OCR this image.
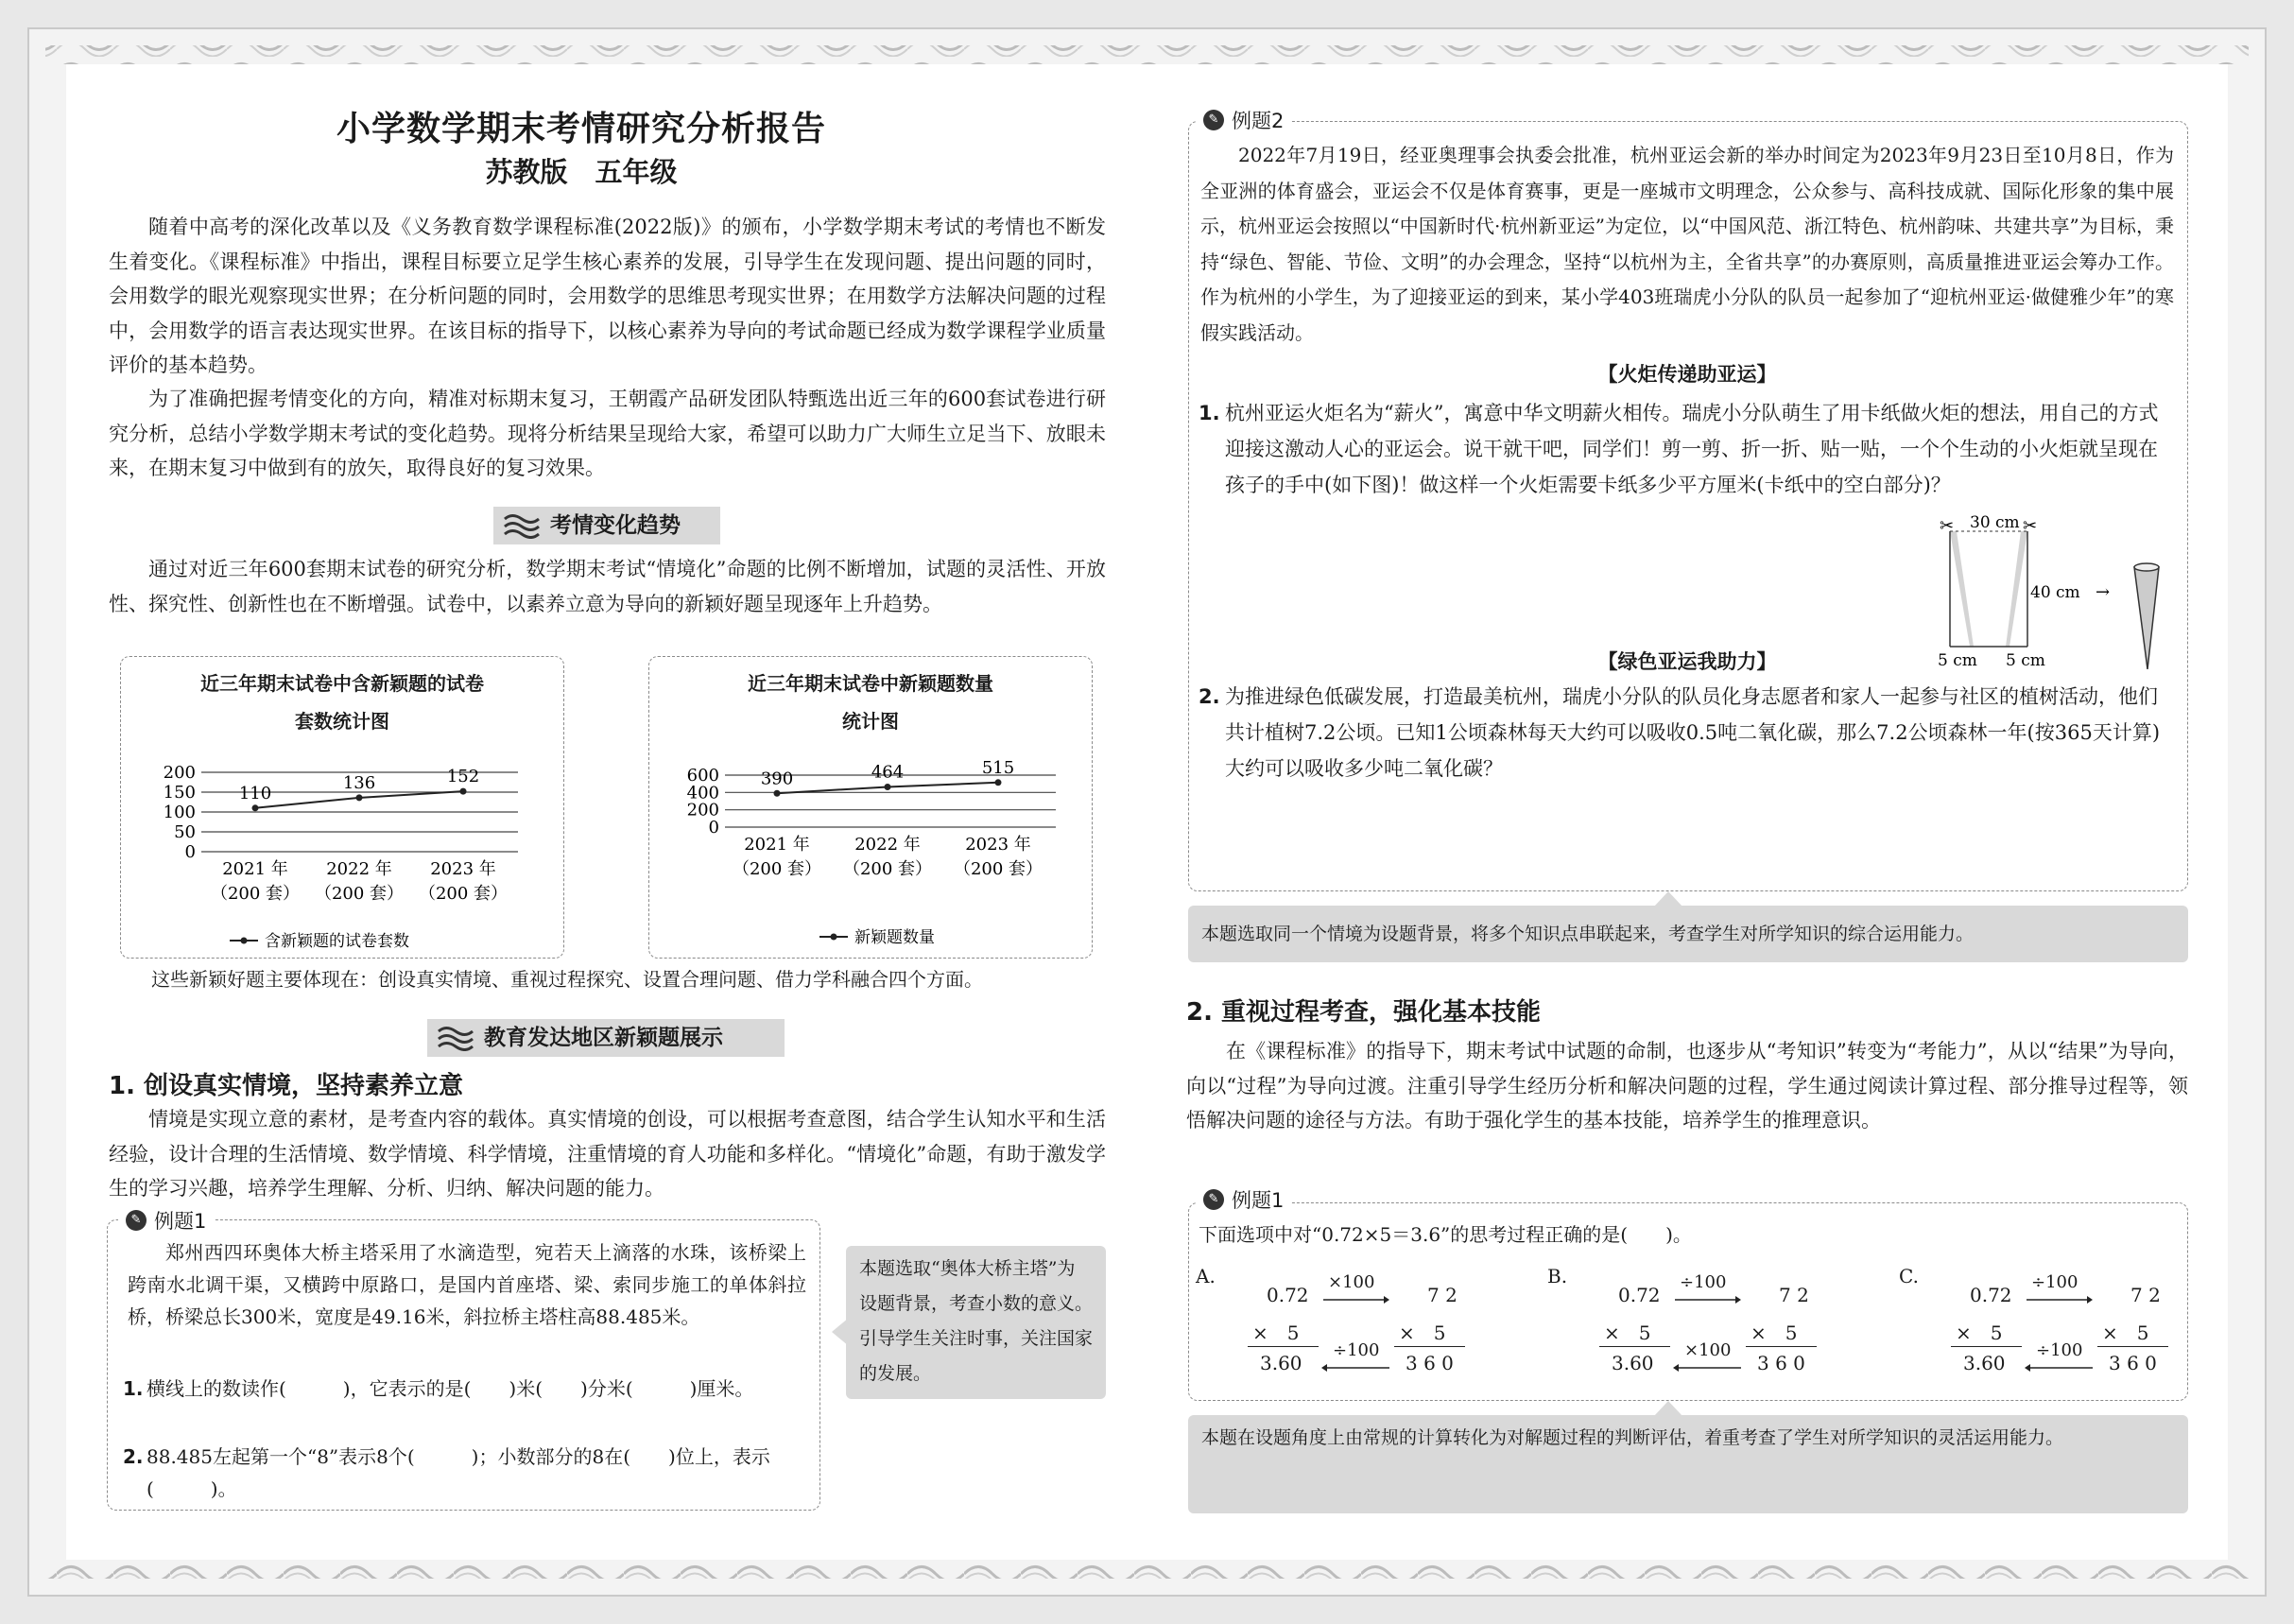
小学数学期末考情研究分析报告
苏教版　五年级
随着中高考的深化改革以及《义务教育数学课程标准(2022版)》的颁布，小学数学期末考试的考情也不断发生着变化。《课程标准》中指出，课程目标要立足学生核心素养的发展，引导学生在发现问题、提出问题的同时，会用数学的眼光观察现实世界；在分析问题的同时，会用数学的思维思考现实世界；在用数学方法解决问题的过程中，会用数学的语言表达现实世界。在该目标的指导下，以核心素养为导向的考试命题已经成为数学课程学业质量评价的基本趋势。
为了准确把握考情变化的方向，精准对标期末复习，王朝霞产品研发团队特甄选出近三年的600套试卷进行研究分析，总结小学数学期末考试的变化趋势。现将分析结果呈现给大家，希望可以助力广大师生立足当下、放眼未来，在期末复习中做到有的放矢，取得良好的复习效果。
考情变化趋势
通过对近三年600套期末试卷的研究分析，数学期末考试“情境化”命题的比例不断增加，试题的灵活性、开放性、探究性、创新性也在不断增强。试卷中，以素养立意为导向的新颖好题呈现逐年上升趋势。
近三年期末试卷中含新颖题的试卷
套数统计图
200
150
100
50
0
110
136	152
2021 年
（200 套）
2022 年
（200 套）
2023 年
（200 套）
含新颖题的试卷套数
近三年期末试卷中新颖题数量
统计图
600
400
200
0
390	464	515
2021 年
（200 套）
2022 年
（200 套）
2023 年
（200 套）
新颖题数量
这些新颖好题主要体现在：创设真实情境、重视过程探究、设置合理问题、借力学科融合四个方面。
教育发达地区新颖题展示
1. 创设真实情境，坚持素养立意
情境是实现立意的素材，是考查内容的载体。真实情境的创设，可以根据考查意图，结合学生认知水平和生活经验，设计合理的生活情境、数学情境、科学情境，注重情境的育人功能和多样化。“情境化”命题，有助于激发学生的学习兴趣，培养学生理解、分析、归纳、解决问题的能力。
✎ 例题1
郑州西四环奥体大桥主塔采用了水滴造型，宛若天上滴落的水珠，该桥梁上跨南水北调干渠，又横跨中原路口，是国内首座塔、梁、索同步施工的单体斜拉桥，桥梁总长300米，宽度是49.16米，斜拉桥主塔柱高88.485米。
1. 横线上的数读作(　　　)，它表示的是(　　)米(　　)分米(　　　)厘米。
2. 88.485左起第一个“8”表示8个(　　　)；小数部分的8在(　　)位上，表示(　　　)。
本题选取“奥体大桥主塔”为设题背景，考查小数的意义。引导学生关注时事，关注国家的发展。
✎ 例题2
2022年7月19日，经亚奥理事会执委会批准，杭州亚运会新的举办时间定为2023年9月23日至10月8日，作为全亚洲的体育盛会，亚运会不仅是体育赛事，更是一座城市文明理念，公众参与、高科技成就、国际化形象的集中展示，杭州亚运会按照以“中国新时代·杭州新亚运”为定位，以“中国风范、浙江特色、杭州韵味、共建共享”为目标，秉持“绿色、智能、节俭、文明”的办会理念，坚持“以杭州为主，全省共享”的办赛原则，高质量推进亚运会筹办工作。作为杭州的小学生，为了迎接亚运的到来，某小学403班瑞虎小分队的队员一起参加了“迎杭州亚运·做健雅少年”的寒假实践活动。
【火炬传递助亚运】
1. 杭州亚运火炬名为“薪火”，寓意中华文明薪火相传。瑞虎小分队萌生了用卡纸做火炬的想法，用自己的方式迎接这激动人心的亚运会。说干就干吧，同学们！剪一剪、折一折、贴一贴，一个个生动的小火炬就呈现在孩子的手中(如下图)！做这样一个火炬需要卡纸多少平方厘米(卡纸中的空白部分)？
✂	✂
30 cm
40 cm →
5 cm 5 cm
【绿色亚运我助力】
2. 为推进绿色低碳发展，打造最美杭州，瑞虎小分队的队员化身志愿者和家人一起参与社区的植树活动，他们共计植树7.2公顷。已知1公顷森林每天大约可以吸收0.5吨二氧化碳，那么7.2公顷森林一年(按365天计算)大约可以吸收多少吨二氧化碳？
本题选取同一个情境为设题背景，将多个知识点串联起来，考查学生对所学知识的综合运用能力。
2. 重视过程考查，强化基本技能
在《课程标准》的指导下，期末考试中试题的命制，也逐步从“考知识”转变为“考能力”，从以“结果”为导向，向以“过程”为导向过渡。注重引导学生经历分析和解决问题的过程，学生通过阅读计算过程、部分推导过程等，领悟解决问题的途径与方法。有助于强化学生的基本技能，培养学生的推理意识。
✎ 例题1
下面选项中对“0.72×5＝3.6”的思考过程正确的是(　　)。
A.
0.72
×100
7 2
×　5	×　5
3.60
÷100
3 6 0
B.
0.72
÷100
7 2
×　5	×　5
3.60
×100
3 6 0
C.
0.72
÷100
7 2
×　5	×　5
3.60
÷100
3 6 0
本题在设题角度上由常规的计算转化为对解题过程的判断评估，着重考查了学生对所学知识的灵活运用能力。
